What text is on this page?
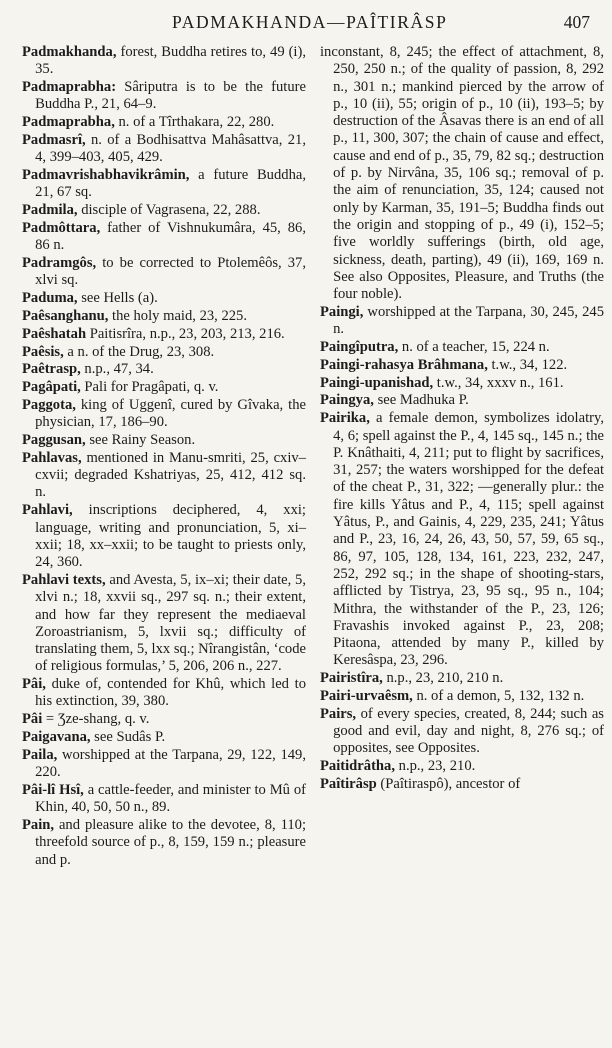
PADMAKHANDA—PAÎTIRÂSP	407

Padmakhanda, forest, Buddha retires to, 49 (i), 35.

Padmaprabha: Sâriputra is to be the future Buddha P., 21, 64–9.

Padmaprabha, n. of a Tîrthakara, 22, 280.

Padmasrî, n. of a Bodhisattva Mahâsattva, 21, 4, 399–403, 405, 429.

Padmavrishabhavikrâmin, a future Buddha, 21, 67 sq.

Padmila, disciple of Vagrasena, 22, 288.

Padmôttara, father of Vishnukumâra, 45, 86, 86 n.

Padramgôs, to be corrected to Ptolemêôs, 37, xlvi sq.

Paduma, see Hells (a).

Paêsanghanu, the holy maid, 23, 225.

Paêshatah Paitisrîra, n.p., 23, 203, 213, 216.

Paêsis, a n. of the Drug, 23, 308.

Paêtrasp, n.p., 47, 34.

Pagâpati, Pali for Pragâpati, q. v.

Paggota, king of Uggenî, cured by Gîvaka, the physician, 17, 186–90.

Paggusan, see Rainy Season.

Pahlavas, mentioned in Manu-smriti, 25, cxiv–cxvii; degraded Kshatriyas, 25, 412, 412 sq. n.

Pahlavi, inscriptions deciphered, 4, xxi; language, writing and pronunciation, 5, xi–xxii; 18, xx–xxii; to be taught to priests only, 24, 360.

Pahlavi texts, and Avesta, 5, ix–xi; their date, 5, xlvi n.; 18, xxvii sq., 297 sq. n.; their extent, and how far they represent the mediaeval Zoroastrianism, 5, lxvii sq.; difficulty of translating them, 5, lxx sq.; Nîrangistân, ‘code of religious formulas,’ 5, 206, 206 n., 227.

Pâi, duke of, contended for Khû, which led to his extinction, 39, 380.

Pâi = Ʒze-shang, q. v.

Paigavana, see Sudâs P.

Paila, worshipped at the Tarpana, 29, 122, 149, 220.

Pâi-lî Hsî, a cattle-feeder, and minister to Mû of Khin, 40, 50, 50 n., 89.

Pain, and pleasure alike to the devotee, 8, 110; threefold source of p., 8, 159, 159 n.; pleasure and p.

inconstant, 8, 245; the effect of attachment, 8, 250, 250 n.; of the quality of passion, 8, 292 n., 301 n.; mankind pierced by the arrow of p., 10 (ii), 55; origin of p., 10 (ii), 193–5; by destruction of the Âsavas there is an end of all p., 11, 300, 307; the chain of cause and effect, cause and end of p., 35, 79, 82 sq.; destruction of p. by Nirvâna, 35, 106 sq.; removal of p. the aim of renunciation, 35, 124; caused not only by Karman, 35, 191–5; Buddha finds out the origin and stopping of p., 49 (i), 152–5; five worldly sufferings (birth, old age, sickness, death, parting), 49 (ii), 169, 169 n. See also Opposites, Pleasure, and Truths (the four noble).

Paingi, worshipped at the Tarpana, 30, 245, 245 n.

Paingîputra, n. of a teacher, 15, 224 n.

Paingi-rahasya Brâhmana, t.w., 34, 122.

Paingi-upanishad, t.w., 34, xxxv n., 161.

Paingya, see Madhuka P.

Pairika, a female demon, symbolizes idolatry, 4, 6; spell against the P., 4, 145 sq., 145 n.; the P. Knâthaiti, 4, 211; put to flight by sacrifices, 31, 257; the waters worshipped for the defeat of the cheat P., 31, 322; —generally plur.: the fire kills Yâtus and P., 4, 115; spell against Yâtus, P., and Gainis, 4, 229, 235, 241; Yâtus and P., 23, 16, 24, 26, 43, 50, 57, 59, 65 sq., 86, 97, 105, 128, 134, 161, 223, 232, 247, 252, 292 sq.; in the shape of shooting-stars, afflicted by Tistrya, 23, 95 sq., 95 n., 104; Mithra, the withstander of the P., 23, 126; Fravashis invoked against P., 23, 208; Pitaona, attended by many P., killed by Keresâspa, 23, 296.

Pairistîra, n.p., 23, 210, 210 n.

Pairi-urvaêsm, n. of a demon, 5, 132, 132 n.

Pairs, of every species, created, 8, 244; such as good and evil, day and night, 8, 276 sq.; of opposites, see Opposites.

Paitidrâtha, n.p., 23, 210.

Paîtirâsp (Paîtiraspô), ancestor of
